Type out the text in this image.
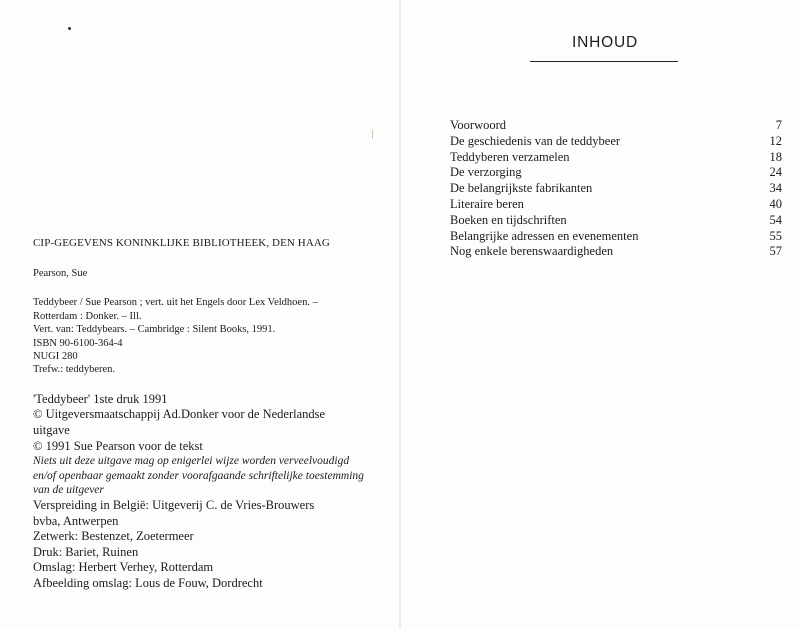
CIP-GEGEVENS KONINKLIJKE BIBLIOTHEEK, DEN HAAG

Pearson, Sue

Teddybeer / Sue Pearson ; vert. uit het Engels door Lex Veldhoen. –

Rotterdam : Donker. – Ill.

Vert. van: Teddybears. – Cambridge : Silent Books, 1991.

ISBN 90-6100-364-4

NUGI 280

Trefw.: teddyberen.

'Teddybeer' 1ste druk 1991

© Uitgeversmaatschappij Ad.Donker voor de Nederlandse

uitgave

© 1991 Sue Pearson voor de tekst

Niets uit deze uitgave mag op enigerlei wijze worden verveelvoudigd

en/of openbaar gemaakt zonder voorafgaande schriftelijke toestemming

van de uitgever

Verspreiding in België: Uitgeverij C. de Vries-Brouwers

bvba, Antwerpen

Zetwerk: Bestenzet, Zoetermeer

Druk: Bariet, Ruinen

Omslag: Herbert Verhey, Rotterdam

Afbeelding omslag: Lous de Fouw, Dordrecht

INHOUD
Voorwoord	7
De geschiedenis van de teddybeer	12
Teddyberen verzamelen	18
De verzorging	24
De belangrijkste fabrikanten	34
Literaire beren	40
Boeken en tijdschriften	54
Belangrijke adressen en evenementen	55
Nog enkele berenswaardigheden	57
